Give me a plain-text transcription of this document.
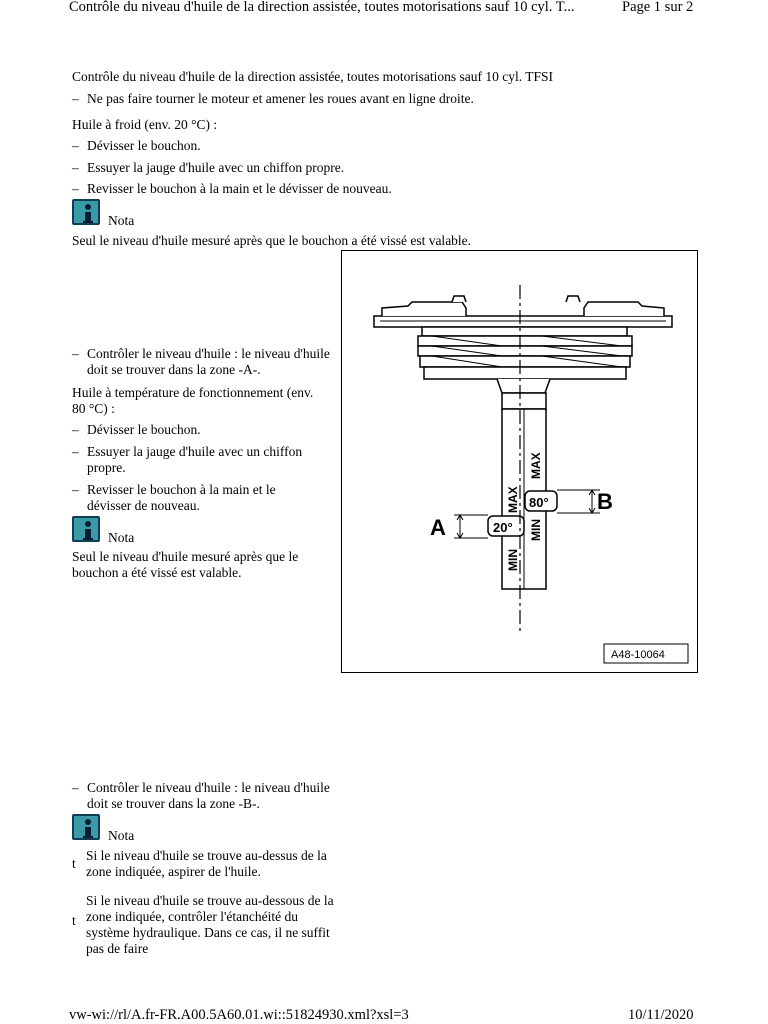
Contrôle du niveau d'huile de la direction assistée, toutes motorisations sauf 10 cyl. T...	Page 1 sur 2
Contrôle du niveau d'huile de la direction assistée, toutes motorisations sauf 10 cyl. TFSI
– Ne pas faire tourner le moteur et amener les roues avant en ligne droite.
Huile à froid (env. 20 °C) :
– Dévisser le bouchon.
– Essuyer la jauge d'huile avec un chiffon propre.
– Revisser le bouchon à la main et le dévisser de nouveau.
Nota
Seul le niveau d'huile mesuré après que le bouchon a été vissé est valable.
– Contrôler le niveau d'huile : le niveau d'huile doit se trouver dans la zone -A-.
Huile à température de fonctionnement (env. 80 °C) :
– Dévisser le bouchon.
– Essuyer la jauge d'huile avec un chiffon propre.
– Revisser le bouchon à la main et le dévisser de nouveau.
Nota
Seul le niveau d'huile mesuré après que le bouchon a été vissé est valable.
B
A
80°
20°
MAX
MAX
MIN
MIN
A48-10064
– Contrôler le niveau d'huile : le niveau d'huile doit se trouver dans la zone -B-.
Nota
t
Si le niveau d'huile se trouve au-dessus de la zone indiquée, aspirer de l'huile.
t
Si le niveau d'huile se trouve au-dessous de la zone indiquée, contrôler l'étanchéité du système hydraulique. Dans ce cas, il ne suffit pas de faire
vw-wi://rl/A.fr-FR.A00.5A60.01.wi::51824930.xml?xsl=3	10/11/2020
